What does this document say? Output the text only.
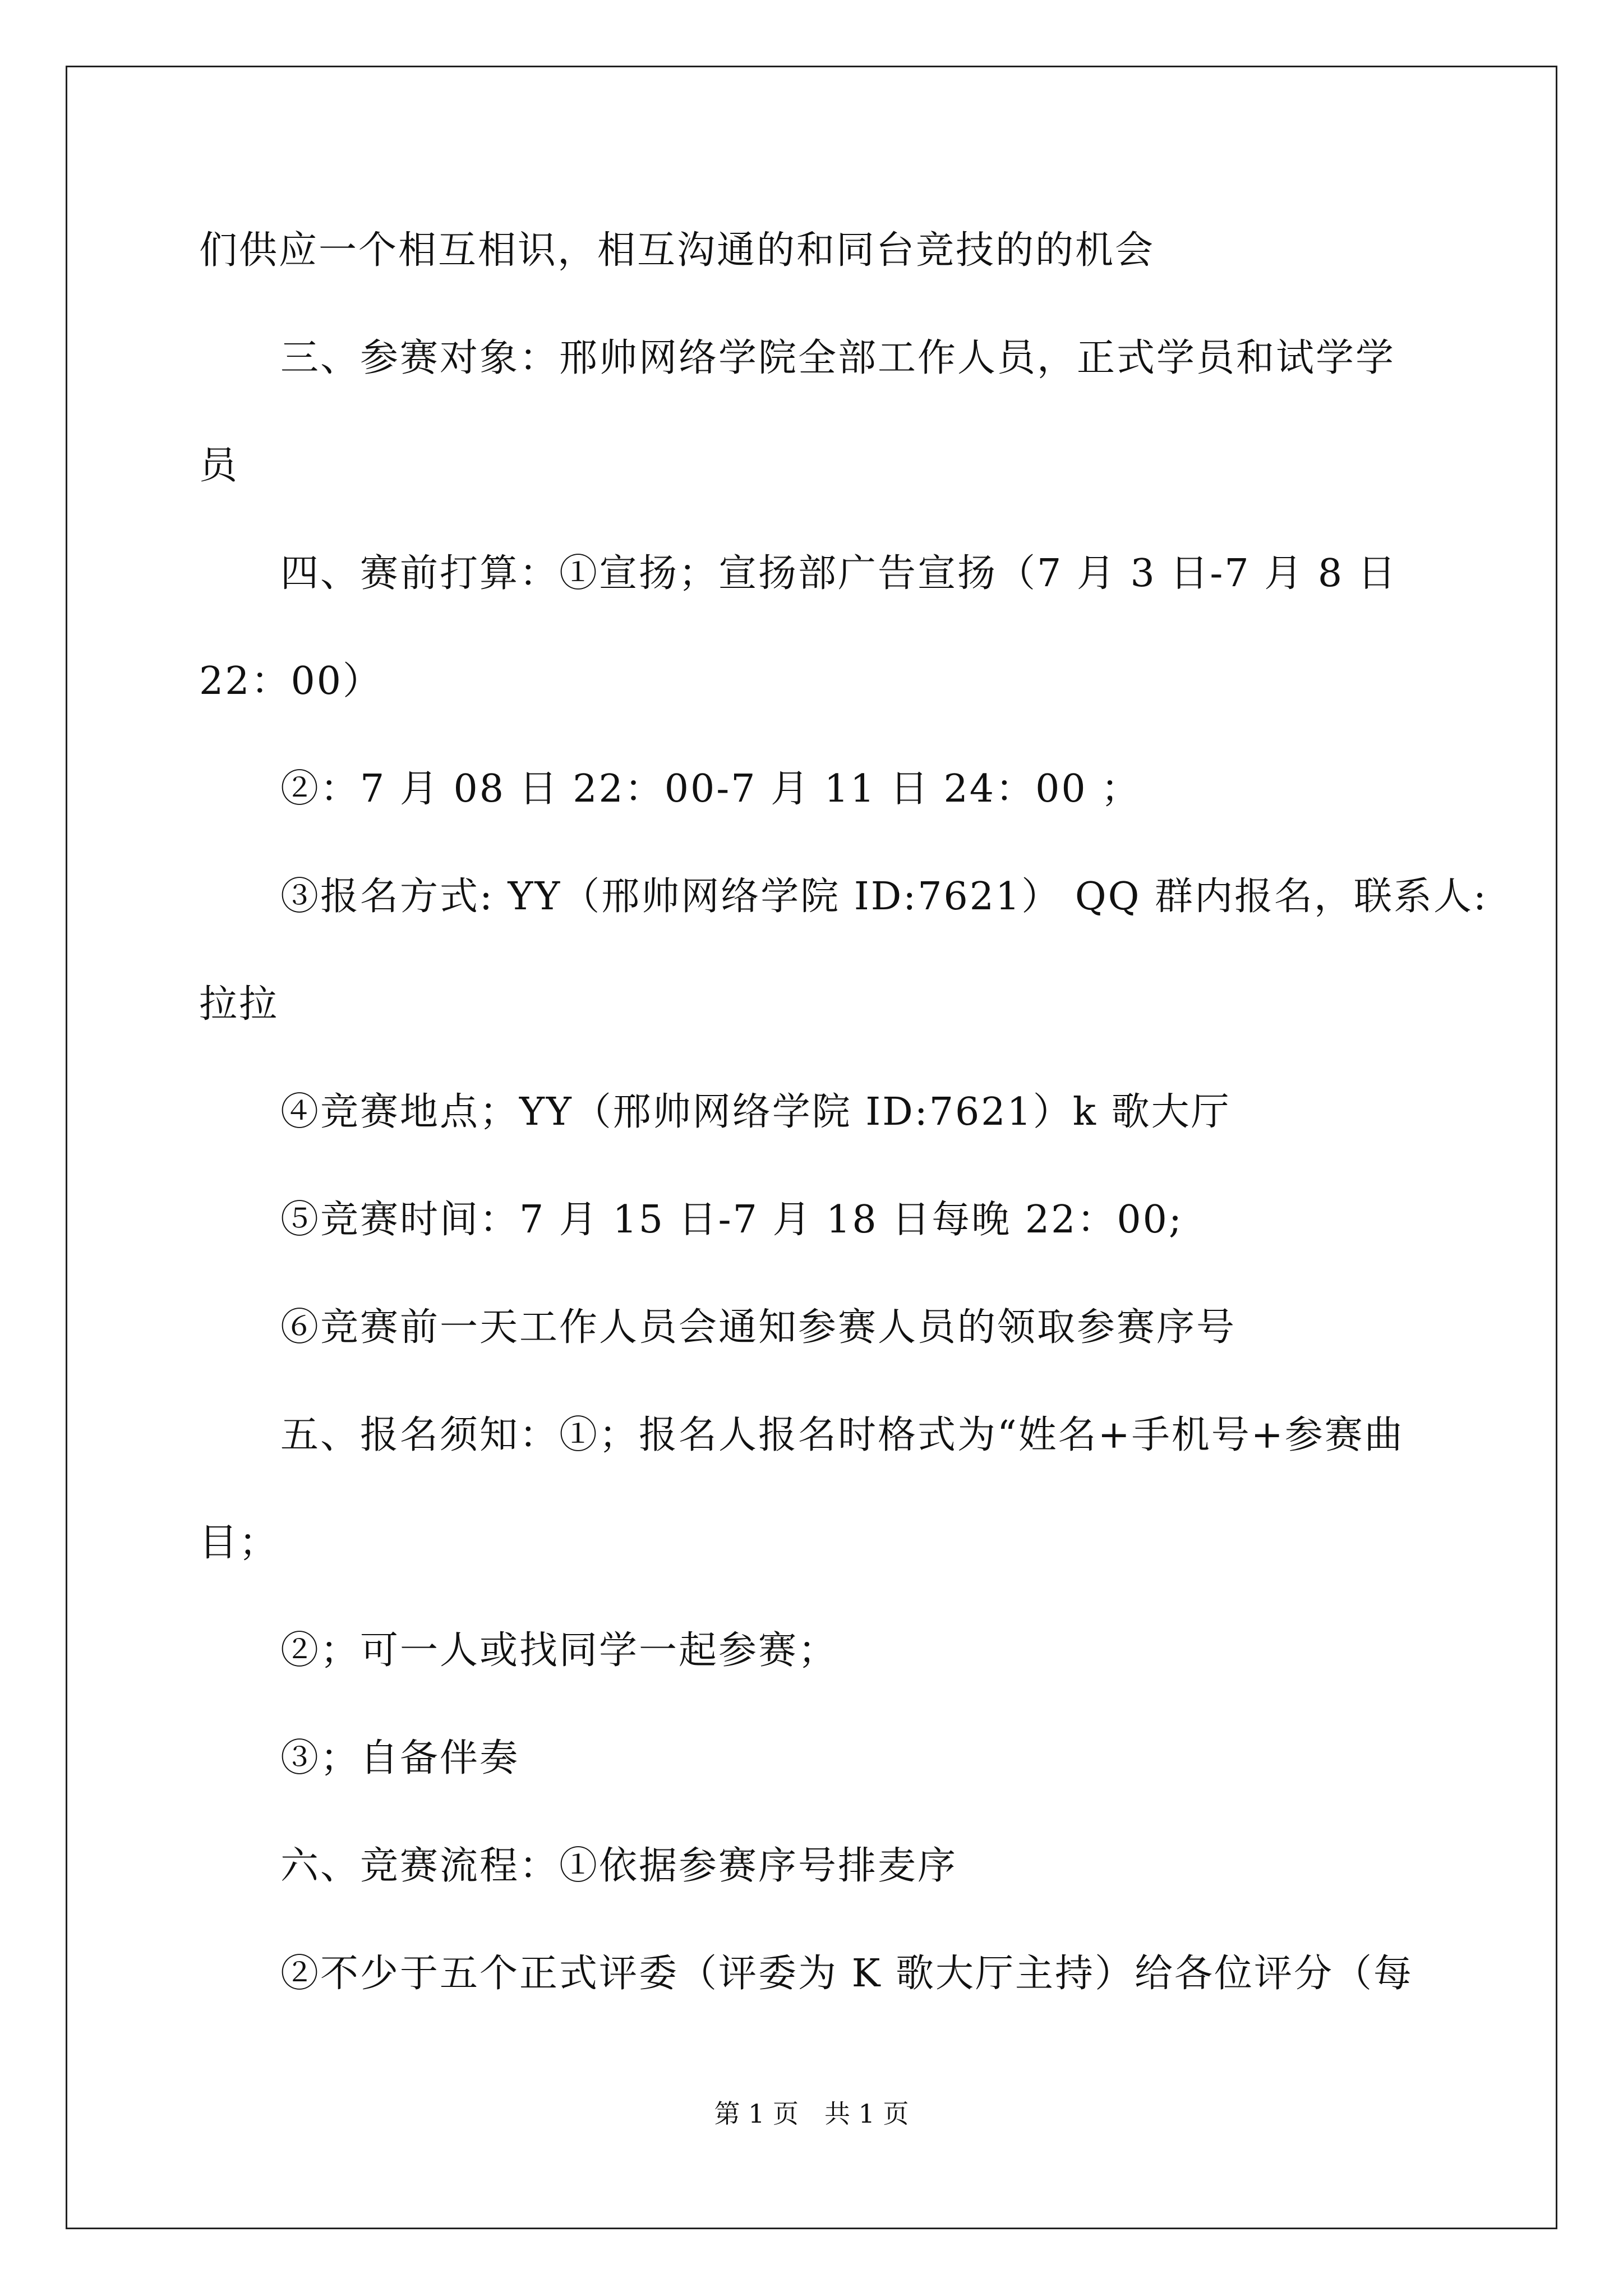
们供应一个相互相识，相互沟通的和同台竞技的的机会
三、参赛对象：邢帅网络学院全部工作人员，正式学员和试学学
员
四、赛前打算：①宣扬；宣扬部广告宣扬（7 月 3 日-7 月 8 日
22：00）
②：7 月 08 日 22：00-7 月 11 日 24：00 ；
③报名方式: YY（邢帅网络学院 ID:7621） QQ 群内报名，联系人:
拉拉
④竞赛地点；YY（邢帅网络学院 ID:7621）k 歌大厅
⑤竞赛时间：7 月 15 日-7 月 18 日每晚 22：00;
⑥竞赛前一天工作人员会通知参赛人员的领取参赛序号
五、报名须知：①；报名人报名时格式为“姓名+手机号+参赛曲
目；
②；可一人或找同学一起参赛；
③；自备伴奏
六、竞赛流程：①依据参赛序号排麦序
②不少于五个正式评委（评委为 K 歌大厅主持）给各位评分（每
第 1 页　共 1 页
